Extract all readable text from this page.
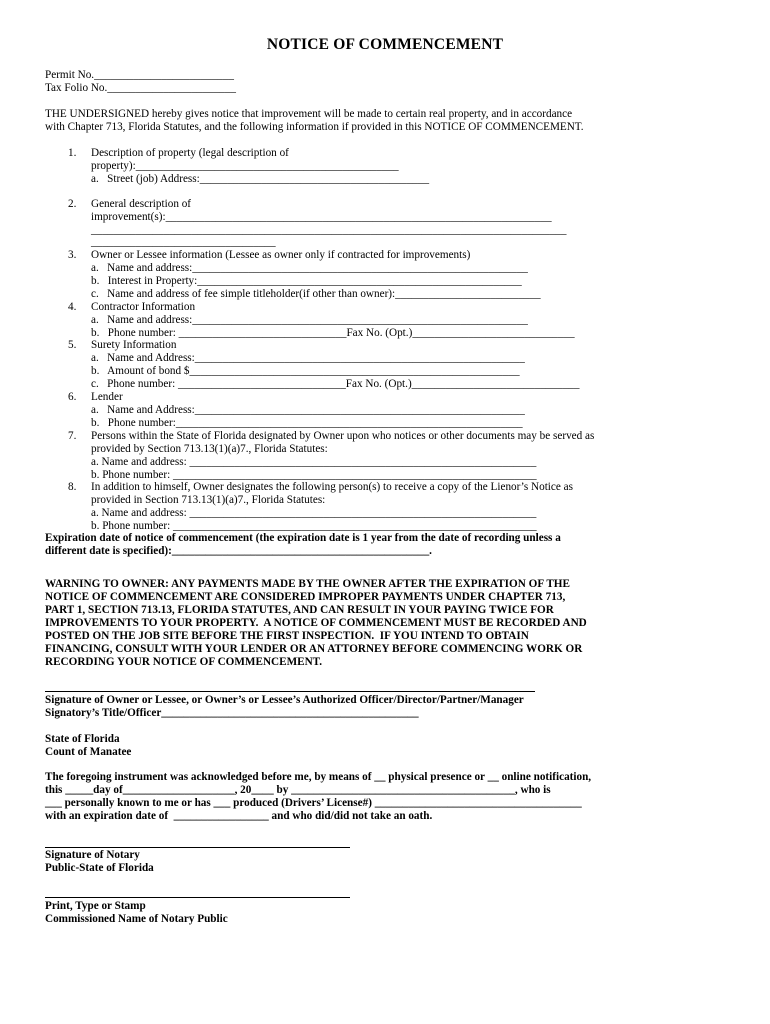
NOTICE OF COMMENCEMENT
Permit No._________________________
Tax Folio No._______________________
THE UNDERSIGNED hereby gives notice that improvement will be made to certain real property, and in accordance
with Chapter 713, Florida Statutes, and the following information if provided in this NOTICE OF COMMENCEMENT.
1. Description of property (legal description of
property):_______________________________________________
a.   Street (job) Address:_________________________________________
2. General description of
improvement(s):_____________________________________________________________________
_____________________________________________________________________________________
_________________________________
3. Owner or Lessee information (Lessee as owner only if contracted for improvements)
a.   Name and address:____________________________________________________________
b.   Interest in Property:__________________________________________________________
c.   Name and address of fee simple titleholder(if other than owner):__________________________
4. Contractor Information
a.   Name and address:____________________________________________________________
b.   Phone number: ______________________________Fax No. (Opt.)_____________________________
5. Surety Information
a.   Name and Address:___________________________________________________________
b.   Amount of bond $___________________________________________________________
c.   Phone number: ______________________________Fax No. (Opt.)______________________________
6. Lender
a.   Name and Address:___________________________________________________________
b.   Phone number:______________________________________________________________
7. Persons within the State of Florida designated by Owner upon who notices or other documents may be served as
provided by Section 713.13(1)(a)7., Florida Statutes:
a. Name and address: ______________________________________________________________
b. Phone number: _________________________________________________________________
8. In addition to himself, Owner designates the following person(s) to receive a copy of the Lienor’s Notice as
provided in Section 713.13(1)(a)7., Florida Statutes:
a. Name and address: ______________________________________________________________
b. Phone number: _________________________________________________________________
Expiration date of notice of commencement (the expiration date is 1 year from the date of recording unless a
different date is specified):______________________________________________.
WARNING TO OWNER: ANY PAYMENTS MADE BY THE OWNER AFTER THE EXPIRATION OF THE
NOTICE OF COMMENCEMENT ARE CONSIDERED IMPROPER PAYMENTS UNDER CHAPTER 713,
PART 1, SECTION 713.13, FLORIDA STATUTES, AND CAN RESULT IN YOUR PAYING TWICE FOR
IMPROVEMENTS TO YOUR PROPERTY.  A NOTICE OF COMMENCEMENT MUST BE RECORDED AND
POSTED ON THE JOB SITE BEFORE THE FIRST INSPECTION.  IF YOU INTEND TO OBTAIN
FINANCING, CONSULT WITH YOUR LENDER OR AN ATTORNEY BEFORE COMMENCING WORK OR
RECORDING YOUR NOTICE OF COMMENCEMENT.
Signature of Owner or Lessee, or Owner’s or Lessee’s Authorized Officer/Director/Partner/Manager
Signatory’s Title/Officer______________________________________________
State of Florida
Count of Manatee
The foregoing instrument was acknowledged before me, by means of __ physical presence or __ online notification,
this _____day of____________________, 20____ by ________________________________________, who is
___ personally known to me or has ___ produced (Drivers’ License#) _____________________________________
with an expiration date of  _________________ and who did/did not take an oath.
Signature of Notary
Public-State of Florida
Print, Type or Stamp
Commissioned Name of Notary Public
